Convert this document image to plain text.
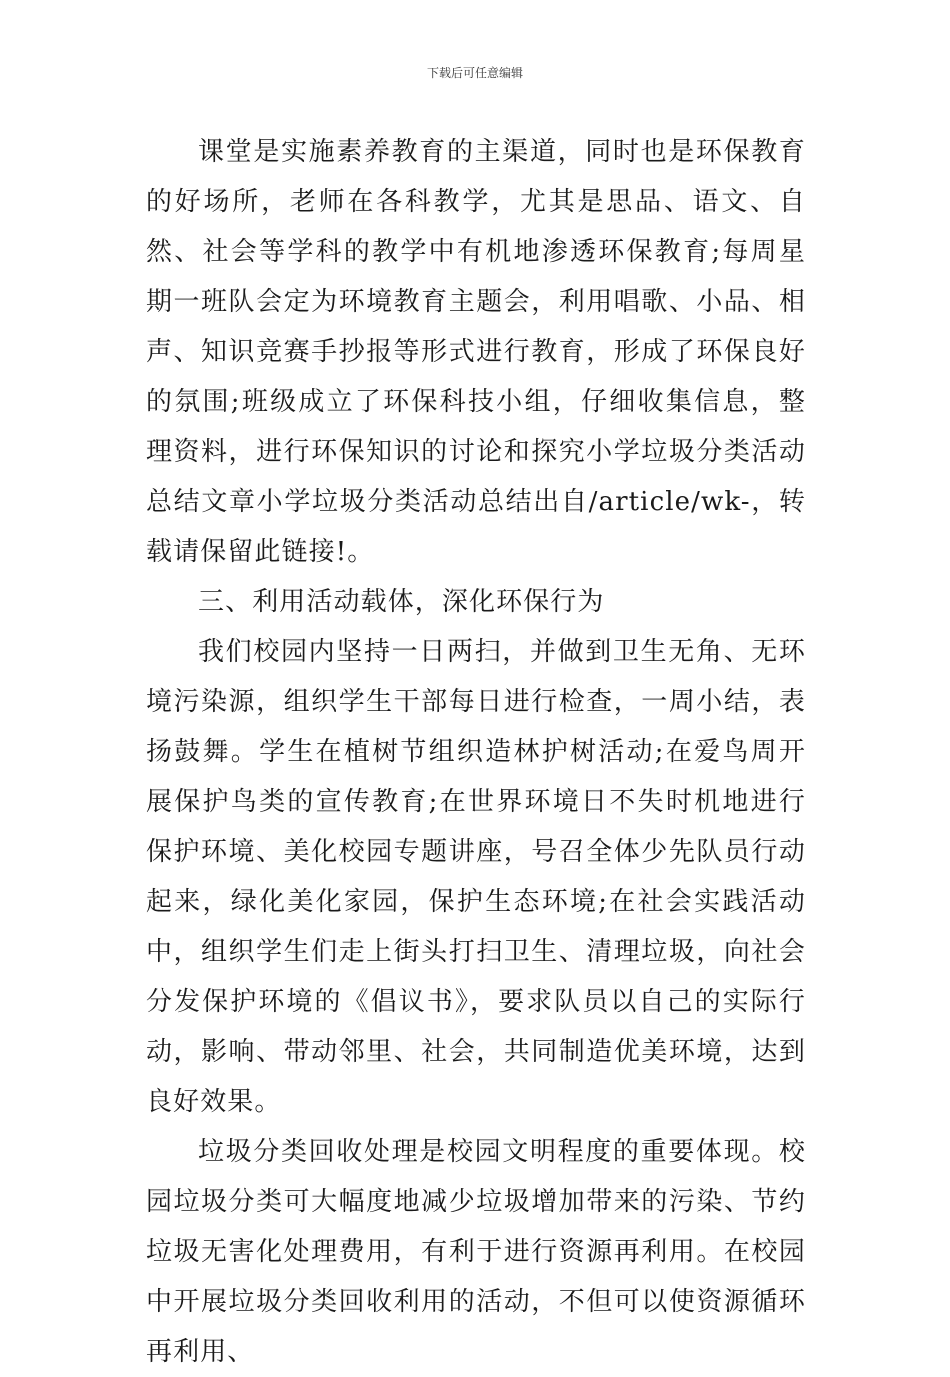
下载后可任意编辑

课堂是实施素养教育的主渠道，同时也是环保教育的好场所，老师在各科教学，尤其是思品、语文、自然、社会等学科的教学中有机地渗透环保教育;每周星期一班队会定为环境教育主题会，利用唱歌、小品、相声、知识竞赛手抄报等形式进行教育，形成了环保良好的氛围;班级成立了环保科技小组，仔细收集信息，整理资料，进行环保知识的讨论和探究小学垃圾分类活动总结文章小学垃圾分类活动总结出自/article/wk-，转载请保留此链接!。

三、利用活动载体，深化环保行为

我们校园内坚持一日两扫，并做到卫生无角、无环境污染源，组织学生干部每日进行检查，一周小结，表扬鼓舞。学生在植树节组织造林护树活动;在爱鸟周开展保护鸟类的宣传教育;在世界环境日不失时机地进行保护环境、美化校园专题讲座，号召全体少先队员行动起来，绿化美化家园，保护生态环境;在社会实践活动中，组织学生们走上街头打扫卫生、清理垃圾，向社会分发保护环境的《倡议书》，要求队员以自己的实际行动，影响、带动邻里、社会，共同制造优美环境，达到良好效果。

垃圾分类回收处理是校园文明程度的重要体现。校园垃圾分类可大幅度地减少垃圾增加带来的污染、节约垃圾无害化处理费用，有利于进行资源再利用。在校园中开展垃圾分类回收利用的活动，不但可以使资源循环再利用、
